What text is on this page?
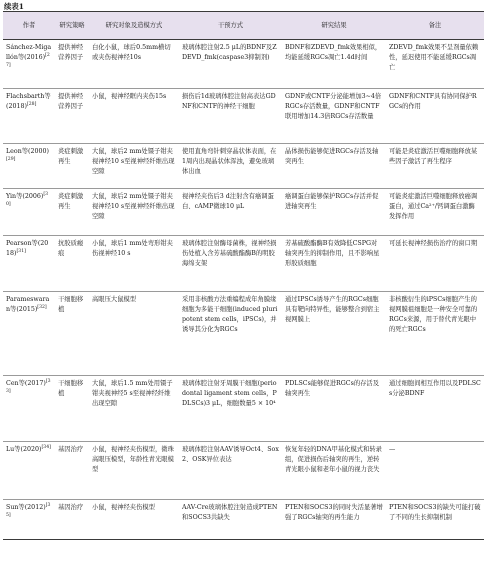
续表1
作者	研究策略	研究对象及造模方式	干预方式	研究结果	备注
Sánchez-Migallón等(2016)[27]	提供神经营养因子	白化小鼠，球后0.5mm横切或夹伤视神经10s	玻璃体腔注射2.5 μL的BDNF及ZDEVD_fmk(caspase3抑制剂)	BDNF和ZDEVD_fmk效果相似，均能延缓RGCs凋亡1.4d时间	ZDEVD_fmk效果不呈剂量依赖性，延迟使用不能延缓RGCs凋亡
Flachsbarth等(2018)[28]	提供神经营养因子	小鼠，视神经眶内夹伤15s	损伤后1d玻璃体腔注射高表达GDNF和CNTF的神经干细胞	GDNF或CNTF分泌能增加3~4倍RGCs存活数量，GDNF和CNTF联用增加14.3倍RGCs存活数量	GDNF和CNTF具有协同保护RGCs的作用
Leon等(2000)[29]	炎症刺激再生	大鼠，球后2 mm处镊子钳夹视神经10 s至视神经纤维出现空隙	使用直角弯针刺穿晶状体表面，在1周内出现晶状体浑浊，避免玻璃体出血	晶体损伤能够促进RGCs存活及轴突再生	可能是炎症激活巨噬细胞释放某些因子激活了再生程序
Yin等(2006)[30]	炎症刺激再生	大鼠，球后2 mm处镊子钳夹视神经10 s至视神经纤维出现空隙	视神经夹伤后3 d注射含有癌调蛋白、cAMP微球10 μL	癌调蛋白能够保护RGCs存活并促进轴突再生	可能炎症激活巨噬细胞释放癌调蛋白，通过Ca²⁺/钙调蛋白激酶发挥作用
Pearson等(2018)[31]	抗胶质瘢痕	小鼠，球后1 mm处弯形钳夹伤视神经10 s	玻璃体腔注射酶母菌株，视神经损伤处植入含芳基硫酸酯酶B的明胶海绵支架	芳基硫酸酯酶B有效降低CSPG对轴突再生的抑制作用，且不影响星形胶质细胞	可延长视神经损伤治疗的窗口期
Parameswaran等(2015)[32]	干细胞移植	高眼压大鼠模型	采用非核酸方法重编程成年角膜缘细胞为多能干细胞(induced pluripotent stem cells，iPSCs)，并诱导其分化为RGCs	通过IPSCs诱导产生的RGCs细胞具有靶向特异性，能够整合到宿主视网膜上	非核酸衍生的iPSCs细胞产生的视网膜祖细胞是一种安全可靠的RGCs来源，用于替代青光眼中的死亡RGCs
Cen等(2017)[33]	干细胞移植	大鼠，球后1.5 mm处用镊子钳夹视神经5 s至视神经纤维出现空隙	玻璃体腔注射牙周膜干细胞(periodontal ligament stem cells，PDLSCs)3 μL，细胞数量5 × 10⁴	PDLSCs能够促进RGCs的存活及轴突再生	通过细胞间相互作用以及PDLSCs分泌BDNF
Lu等(2020)[34]	基因治疗	小鼠，视神经夹伤模型，微珠高眼压模型，年龄性青光眼模型	玻璃体腔注射AAV诱导Oct4、Sox2、OSK异位表达	恢复年轻的DNA甲基化模式和转录组，促进损伤后轴突的再生，逆转青光眼小鼠和老年小鼠的视力丧失	—
Sun等(2012)[35]	基因治疗	小鼠，视神经夹伤模型	AAV-Cre玻璃体腔注射造成PTEN和SOCS3共缺失	PTEN和SOCS3的同时失活显著增强了RGCs轴突的再生能力	PTEN和SOCS3的缺失可能打破了不同的生长抑制机制
